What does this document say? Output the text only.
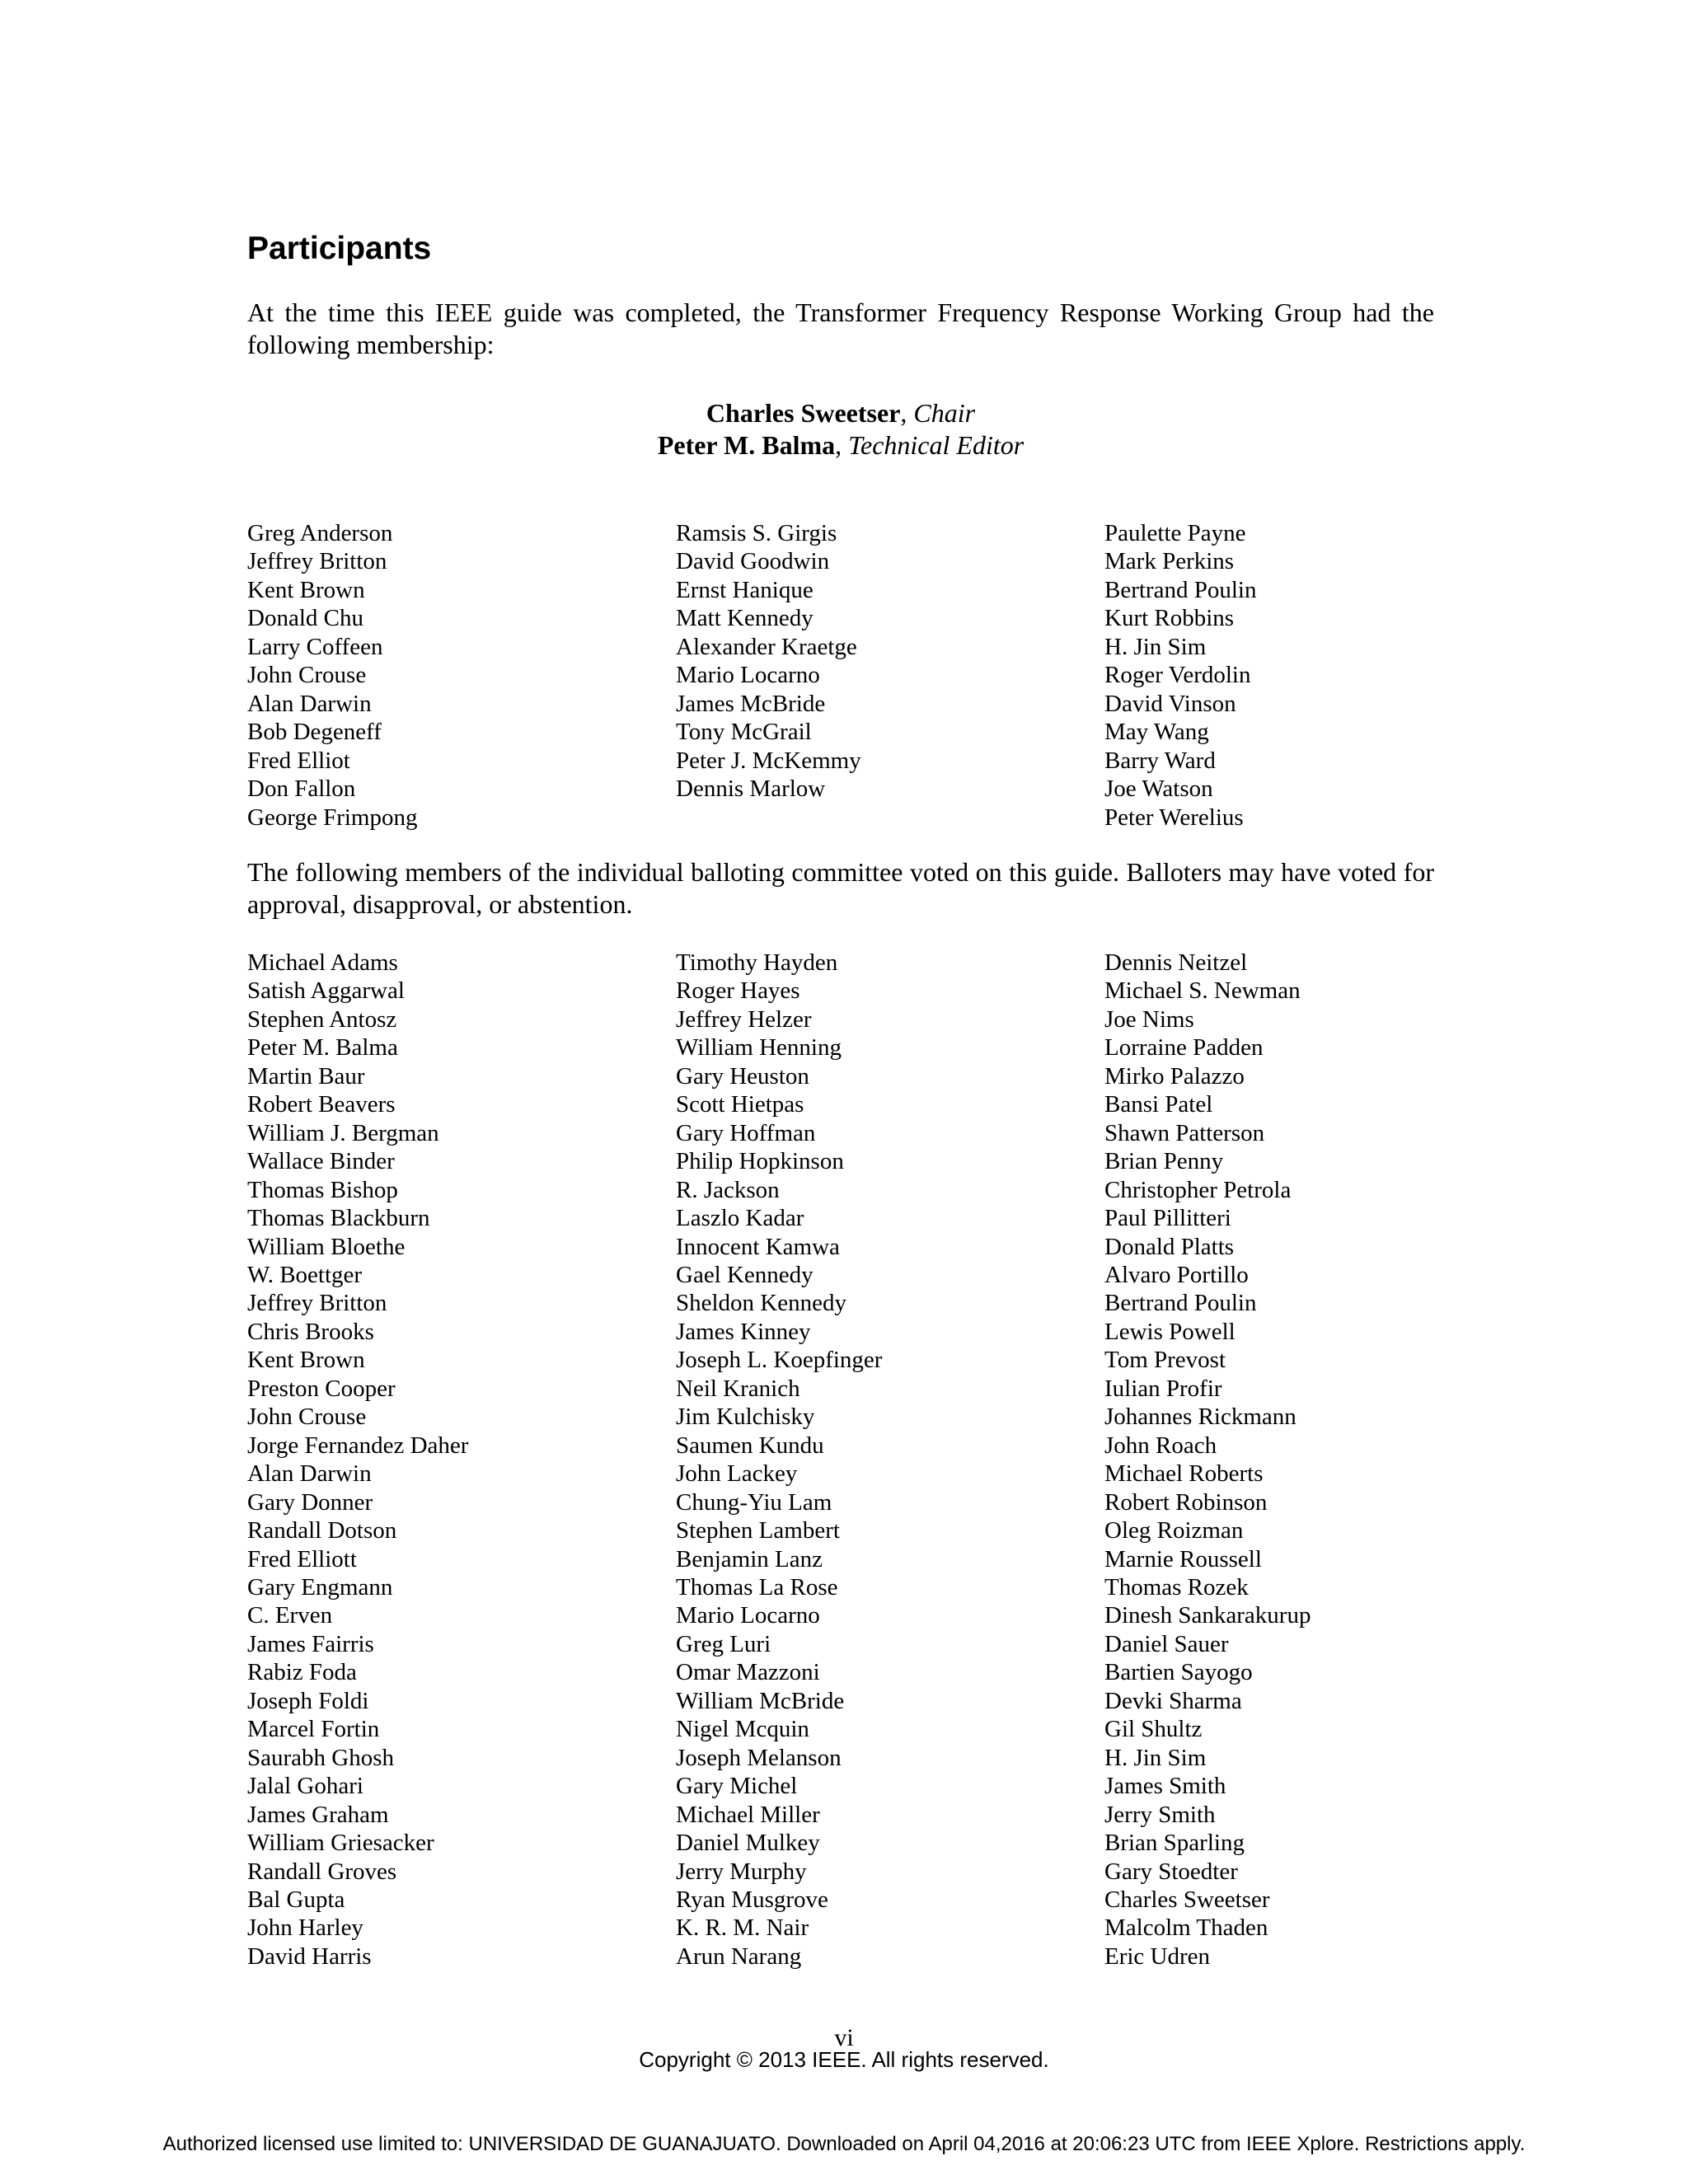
Participants

At the time this IEEE guide was completed, the Transformer Frequency Response Working Group had the following membership:

Charles Sweetser, Chair
Peter M. Balma, Technical Editor
Greg Anderson
Jeffrey Britton
Kent Brown
Donald Chu
Larry Coffeen
John Crouse
Alan Darwin
Bob Degeneff
Fred Elliot
Don Fallon
George Frimpong
Ramsis S. Girgis
David Goodwin
Ernst Hanique
Matt Kennedy
Alexander Kraetge
Mario Locarno
James McBride
Tony McGrail
Peter J. McKemmy
Dennis Marlow
Paulette Payne
Mark Perkins
Bertrand Poulin
Kurt Robbins
H. Jin Sim
Roger Verdolin
David Vinson
May Wang
Barry Ward
Joe Watson
Peter Werelius

The following members of the individual balloting committee voted on this guide. Balloters may have voted for approval, disapproval, or abstention.

Michael Adams
Satish Aggarwal
Stephen Antosz
Peter M. Balma
Martin Baur
Robert Beavers
William J. Bergman
Wallace Binder
Thomas Bishop
Thomas Blackburn
William Bloethe
W. Boettger
Jeffrey Britton
Chris Brooks
Kent Brown
Preston Cooper
John Crouse
Jorge Fernandez Daher
Alan Darwin
Gary Donner
Randall Dotson
Fred Elliott
Gary Engmann
C. Erven
James Fairris
Rabiz Foda
Joseph Foldi
Marcel Fortin
Saurabh Ghosh
Jalal Gohari
James Graham
William Griesacker
Randall Groves
Bal Gupta
John Harley
David Harris
Timothy Hayden
Roger Hayes
Jeffrey Helzer
William Henning
Gary Heuston
Scott Hietpas
Gary Hoffman
Philip Hopkinson
R. Jackson
Laszlo Kadar
Innocent Kamwa
Gael Kennedy
Sheldon Kennedy
James Kinney
Joseph L. Koepfinger
Neil Kranich
Jim Kulchisky
Saumen Kundu
John Lackey
Chung-Yiu Lam
Stephen Lambert
Benjamin Lanz
Thomas La Rose
Mario Locarno
Greg Luri
Omar Mazzoni
William McBride
Nigel Mcquin
Joseph Melanson
Gary Michel
Michael Miller
Daniel Mulkey
Jerry Murphy
Ryan Musgrove
K. R. M. Nair
Arun Narang
Dennis Neitzel
Michael S. Newman
Joe Nims
Lorraine Padden
Mirko Palazzo
Bansi Patel
Shawn Patterson
Brian Penny
Christopher Petrola
Paul Pillitteri
Donald Platts
Alvaro Portillo
Bertrand Poulin
Lewis Powell
Tom Prevost
Iulian Profir
Johannes Rickmann
John Roach
Michael Roberts
Robert Robinson
Oleg Roizman
Marnie Roussell
Thomas Rozek
Dinesh Sankarakurup
Daniel Sauer
Bartien Sayogo
Devki Sharma
Gil Shultz
H. Jin Sim
James Smith
Jerry Smith
Brian Sparling
Gary Stoedter
Charles Sweetser
Malcolm Thaden
Eric Udren
vi
Copyright © 2013 IEEE. All rights reserved.
Authorized licensed use limited to: UNIVERSIDAD DE GUANAJUATO. Downloaded on April 04,2016 at 20:06:23 UTC from IEEE Xplore. Restrictions apply.
